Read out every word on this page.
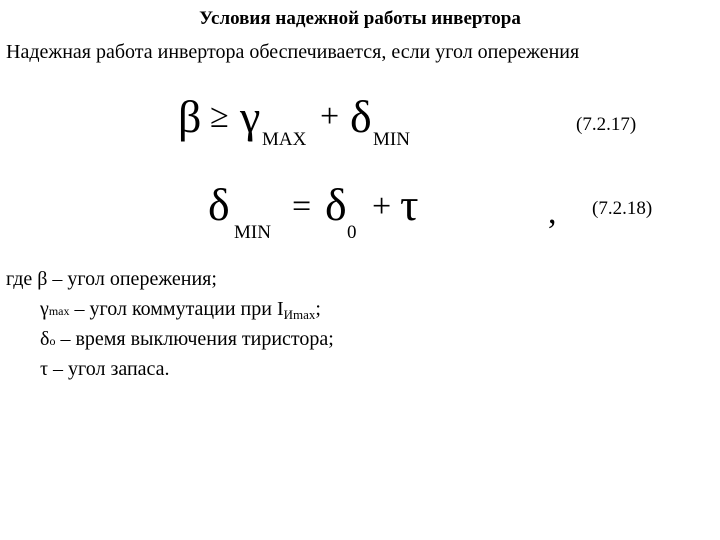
Условия надежной работы инвертора
Надежная работа инвертора обеспечивается, если угол опережения
β ≥ γ MAX
+ δ MIN
(7.2.17)
δ
MIN
= δ
0
+ τ	, (7.2.18)
где β – угол опережения;
γmax – угол коммутации при $I_{Иmax}$;
δo – время выключения тиристора;
τ – угол запаса.
